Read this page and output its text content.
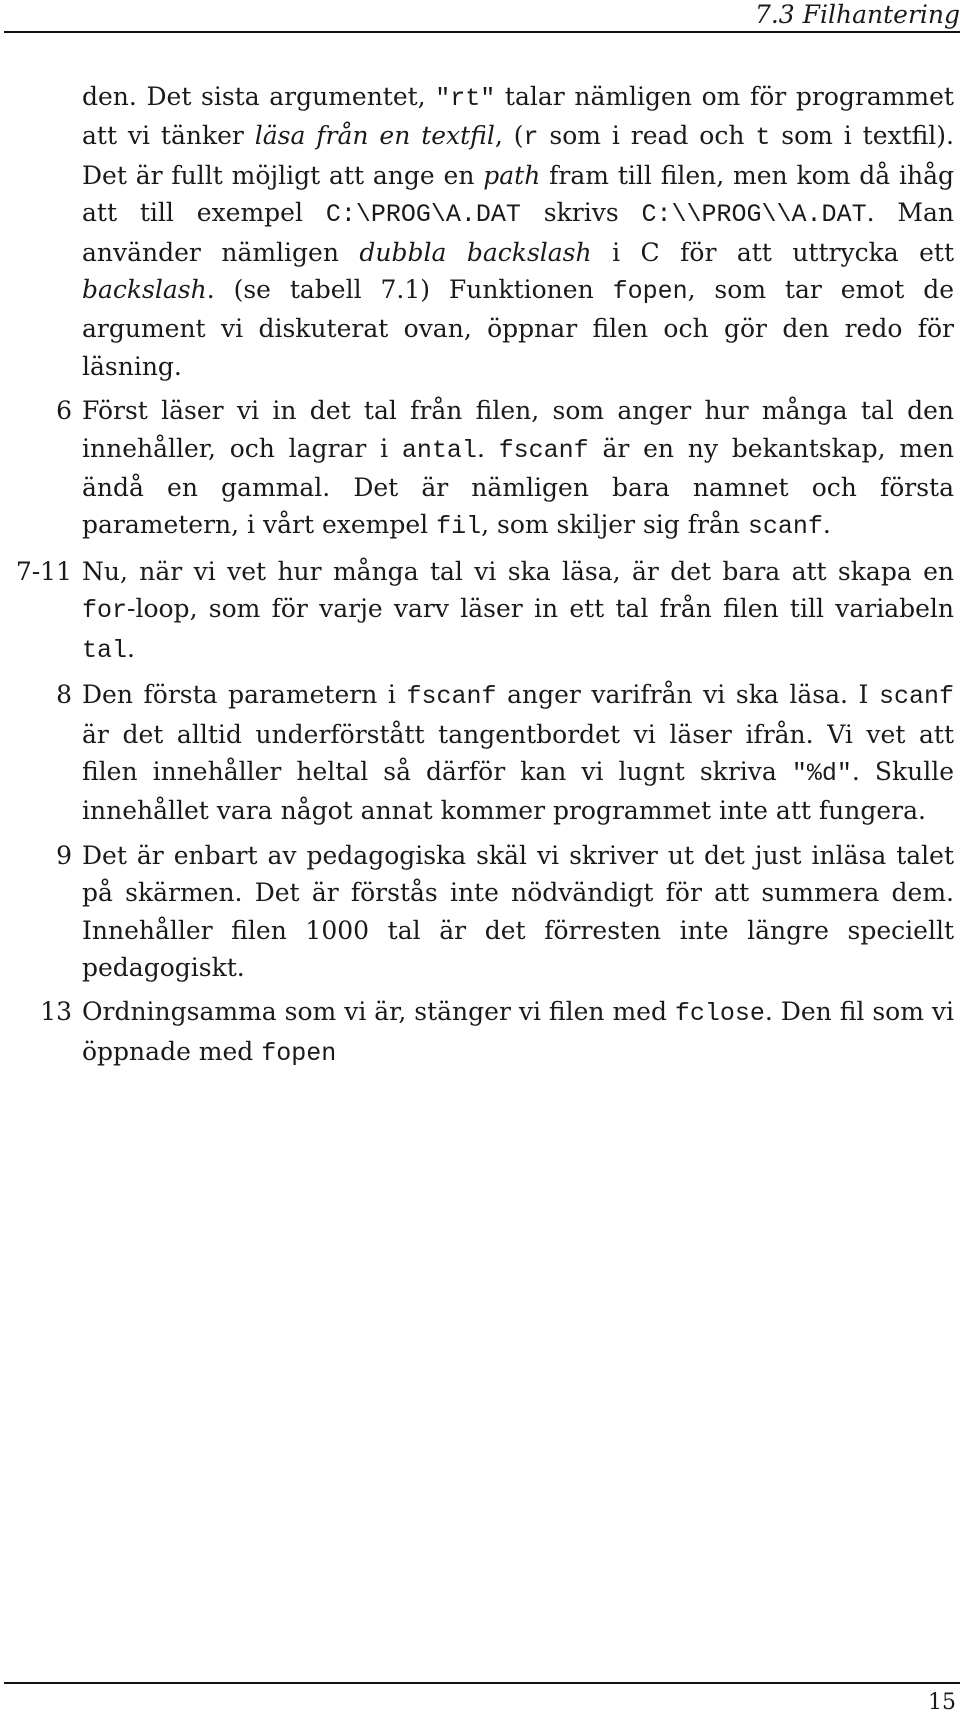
7.3 Filhantering
den. Det sista argumentet, "rt" talar nämligen om för programmet att vi tänker läsa från en textfil, (r som i read och t som i textfil). Det är fullt möjligt att ange en path fram till filen, men kom då ihåg att till exempel C:\PROG\A.DAT skrivs C:\\PROG\\A.DAT. Man använder nämligen dubbla backslash i C för att uttrycka ett backslash. (se tabell 7.1) Funktionen fopen, som tar emot de argument vi diskuterat ovan, öppnar filen och gör den redo för läsning.
6 Först läser vi in det tal från filen, som anger hur många tal den innehåller, och lagrar i antal. fscanf är en ny bekantskap, men ändå en gammal. Det är nämligen bara namnet och första parametern, i vårt exempel fil, som skiljer sig från scanf.
7-11 Nu, när vi vet hur många tal vi ska läsa, är det bara att skapa en for-loop, som för varje varv läser in ett tal från filen till variabeln tal.
8 Den första parametern i fscanf anger varifrån vi ska läsa. I scanf är det alltid underförstått tangentbordet vi läser ifrån. Vi vet att filen innehåller heltal så därför kan vi lugnt skriva "%d". Skulle innehållet vara något annat kommer programmet inte att fungera.
9 Det är enbart av pedagogiska skäl vi skriver ut det just inläsa talet på skärmen. Det är förstås inte nödvändigt för att summera dem. Innehåller filen 1000 tal är det förresten inte längre speciellt pedagogiskt.
13 Ordningsamma som vi är, stänger vi filen med fclose. Den fil som vi öppnade med fopen
15
